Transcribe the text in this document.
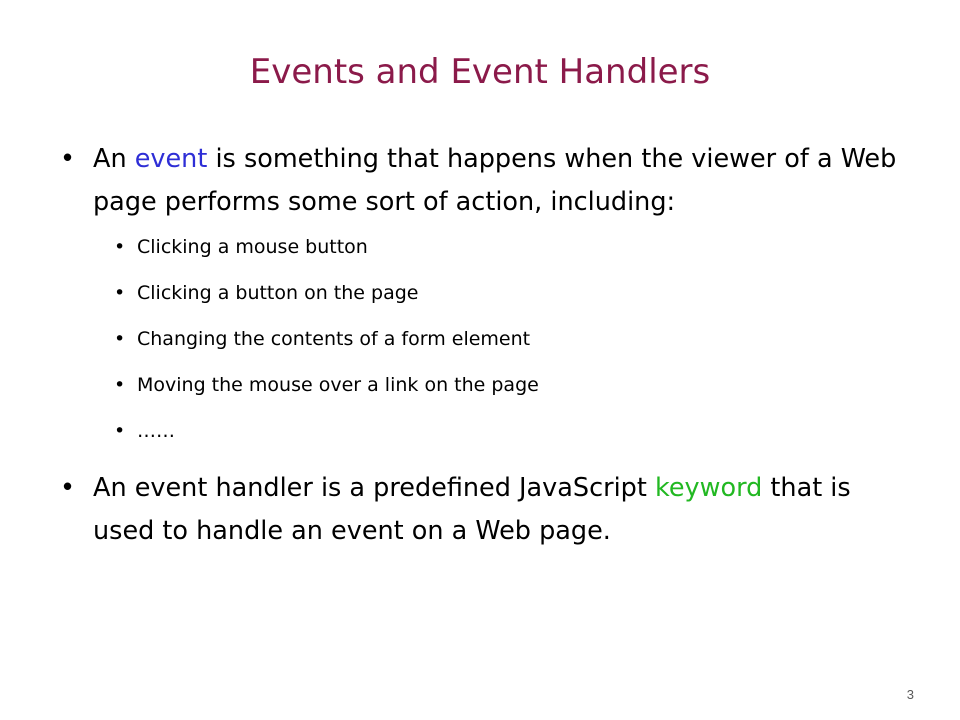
Events and Event Handlers
• An event is something that happens when the viewer of a Web page performs some sort of action, including:
• Clicking a mouse button
• Clicking a button on the page
• Changing the contents of a form element
• Moving the mouse over a link on the page
• ……
• An event handler is a predefined JavaScript keyword that is used to handle an event on a Web page.
3
